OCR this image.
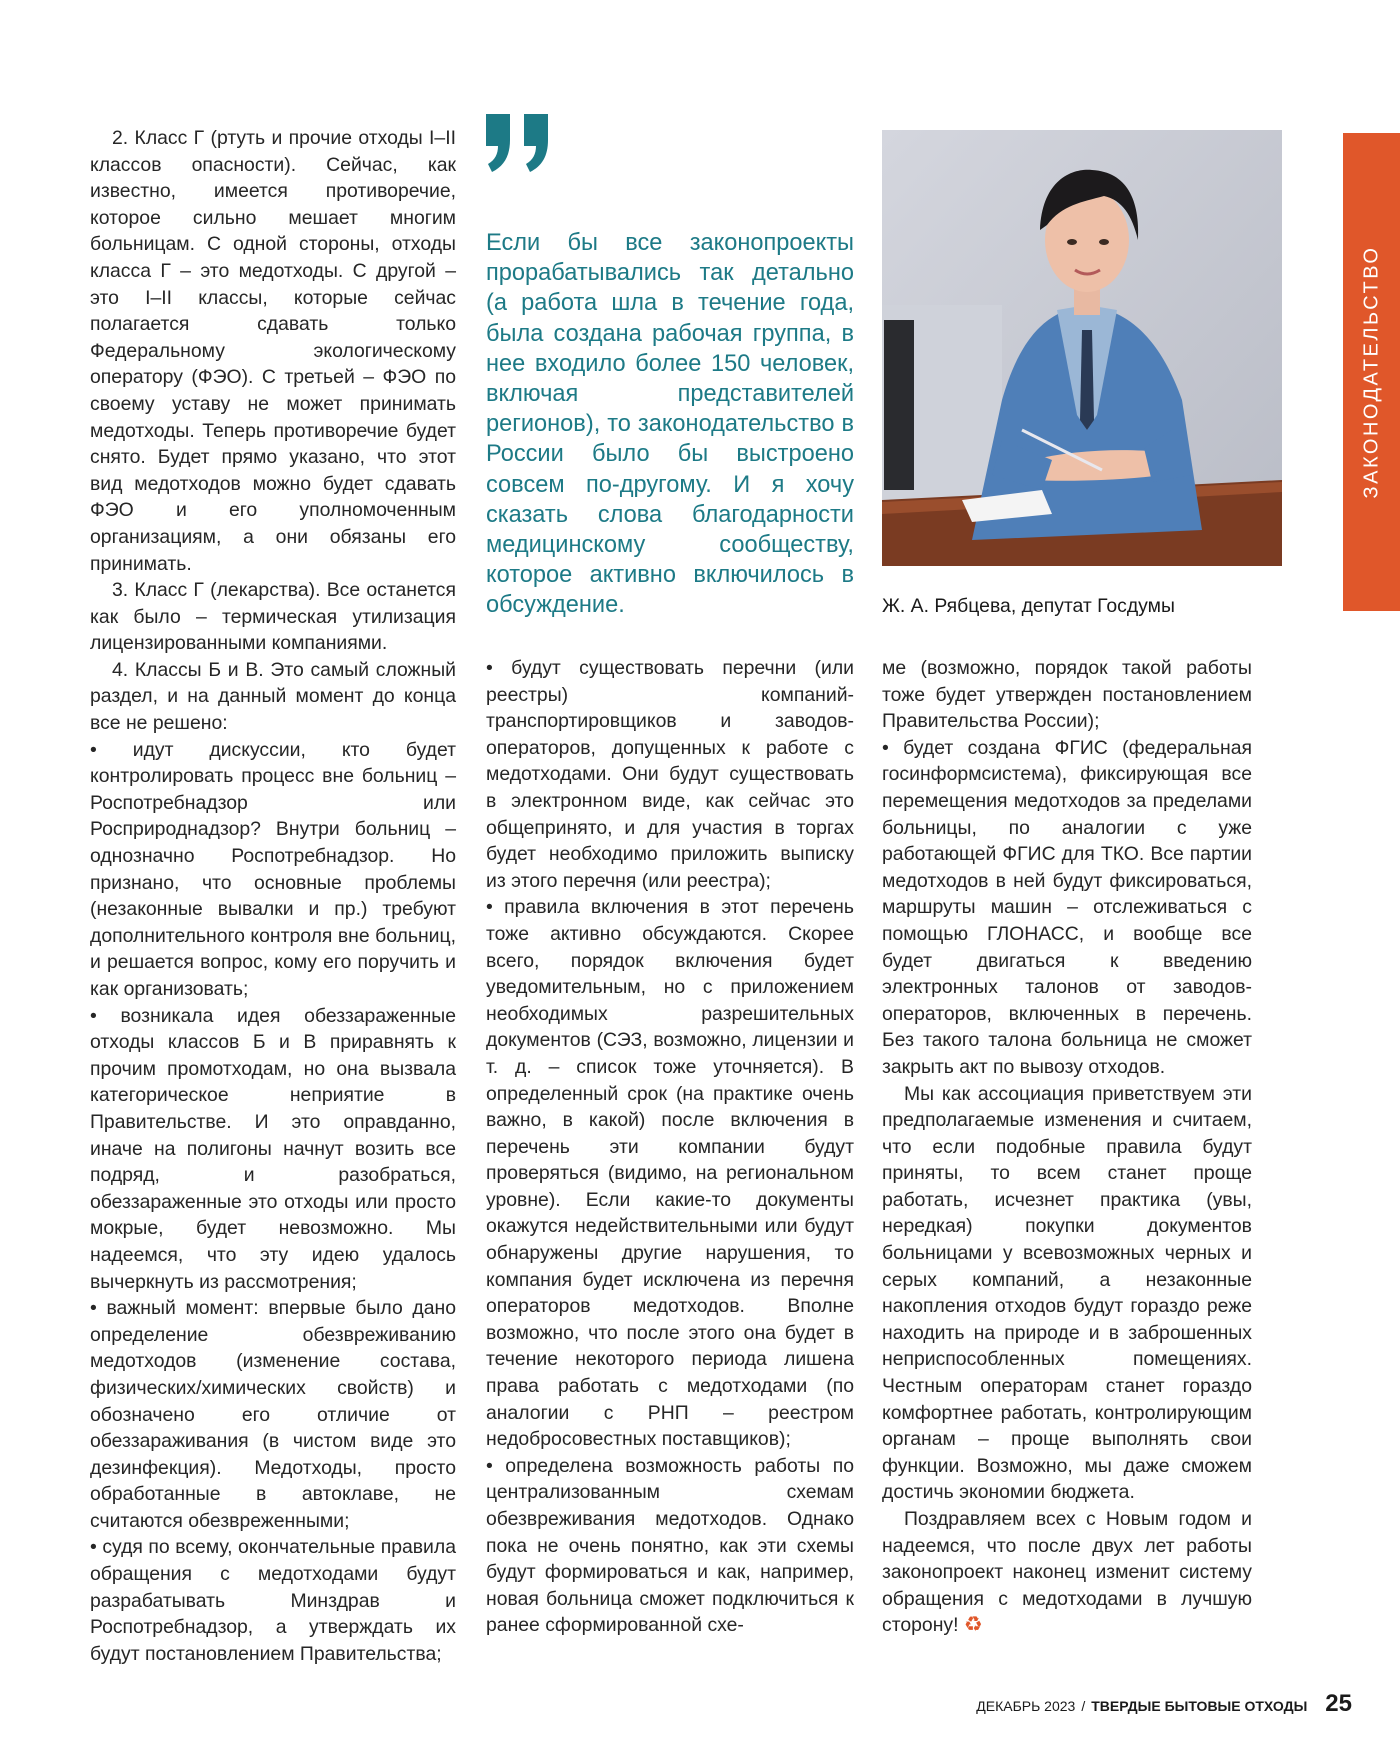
2. Класс Г (ртуть и прочие отходы I–II классов опасности). Сейчас, как известно, имеется противоречие, которое сильно мешает многим больницам. С одной стороны, отходы класса Г – это медотходы. С другой – это I–II классы, которые сейчас полагается сдавать только Федеральному экологическому оператору (ФЭО). С третьей – ФЭО по своему уставу не может принимать медотходы. Теперь противоречие будет снято. Будет прямо указано, что этот вид медотходов можно будет сдавать ФЭО и его уполномоченным организациям, а они обязаны его принимать.

3. Класс Г (лекарства). Все останется как было – термическая утилизация лицензированными компаниями.

4. Классы Б и В. Это самый сложный раздел, и на данный момент до конца все не решено:

• идут дискуссии, кто будет контролировать процесс вне больниц – Роспотребнадзор или Росприроднадзор? Внутри больниц – однозначно Роспотребнадзор. Но признано, что основные проблемы (незаконные вывалки и пр.) требуют дополнительного контроля вне больниц, и решается вопрос, кому его поручить и как организовать;

• возникала идея обеззараженные отходы классов Б и В приравнять к прочим промотходам, но она вызвала категорическое неприятие в Правительстве. И это оправданно, иначе на полигоны начнут возить все подряд, и разобраться, обеззараженные это отходы или просто мокрые, будет невозможно. Мы надеемся, что эту идею удалось вычеркнуть из рассмотрения;

• важный момент: впервые было дано определение обезвреживанию медотходов (изменение состава, физических/химических свойств) и обозначено его отличие от обеззараживания (в чистом виде это дезинфекция). Медотходы, просто обработанные в автоклаве, не считаются обезвреженными;

• судя по всему, окончательные правила обращения с медотходами будут разрабатывать Минздрав и Роспотребнадзор, а утверждать их будут постановлением Правительства;

Если бы все законопроекты прорабатывались так детально (а работа шла в течение года, была создана рабочая группа, в нее входило более 150 человек, включая представителей регионов), то законодательство в России было бы выстроено совсем по-другому. И я хочу сказать слова благодарности медицинскому сообществу, которое активно включилось в обсуждение.	Ж. А. Рябцева, депутат Госдумы

• будут существовать перечни (или реестры) компаний-транспортировщиков и заводов-операторов, допущенных к работе с медотходами. Они будут существовать в электронном виде, как сейчас это общепринято, и для участия в торгах будет необходимо приложить выписку из этого перечня (или реестра);

• правила включения в этот перечень тоже активно обсуждаются. Скорее всего, порядок включения будет уведомительным, но с приложением необходимых разрешительных документов (СЭЗ, возможно, лицензии и т. д. – список тоже уточняется). В определенный срок (на практике очень важно, в какой) после включения в перечень эти компании будут проверяться (видимо, на региональном уровне). Если какие-то документы окажутся недействительными или будут обнаружены другие нарушения, то компания будет исключена из перечня операторов медотходов. Вполне возможно, что после этого она будет в течение некоторого периода лишена права работать с медотходами (по аналогии с РНП – реестром недобросовестных поставщиков);

• определена возможность работы по централизованным схемам обезвреживания медотходов. Однако пока не очень понятно, как эти схемы будут формироваться и как, например, новая больница сможет подключиться к ранее сформированной схе-

ме (возможно, порядок такой работы тоже будет утвержден постановлением Правительства России);

• будет создана ФГИС (федеральная госинформсистема), фиксирующая все перемещения медотходов за пределами больницы, по аналогии с уже работающей ФГИС для ТКО. Все партии медотходов в ней будут фиксироваться, маршруты машин – отслеживаться с помощью ГЛОНАСС, и вообще все будет двигаться к введению электронных талонов от заводов-операторов, включенных в перечень. Без такого талона больница не сможет закрыть акт по вывозу отходов.

Мы как ассоциация приветствуем эти предполагаемые изменения и считаем, что если подобные правила будут приняты, то всем станет проще работать, исчезнет практика (увы, нередкая) покупки документов больницами у всевозможных черных и серых компаний, а незаконные накопления отходов будут гораздо реже находить на природе и в заброшенных неприспособленных помещениях. Честным операторам станет гораздо комфортнее работать, контролирующим органам – проще выполнять свои функции. Возможно, мы даже сможем достичь экономии бюджета.

Поздравляем всех с Новым годом и надеемся, что после двух лет работы законопроект наконец изменит систему обращения с медотходами в лучшую сторону! ♻

ЗАКОНОДАТЕЛЬСТВО
ДЕКАБРЬ 2023 / ТВЕРДЫЕ БЫТОВЫЕ ОТХОДЫ 25
